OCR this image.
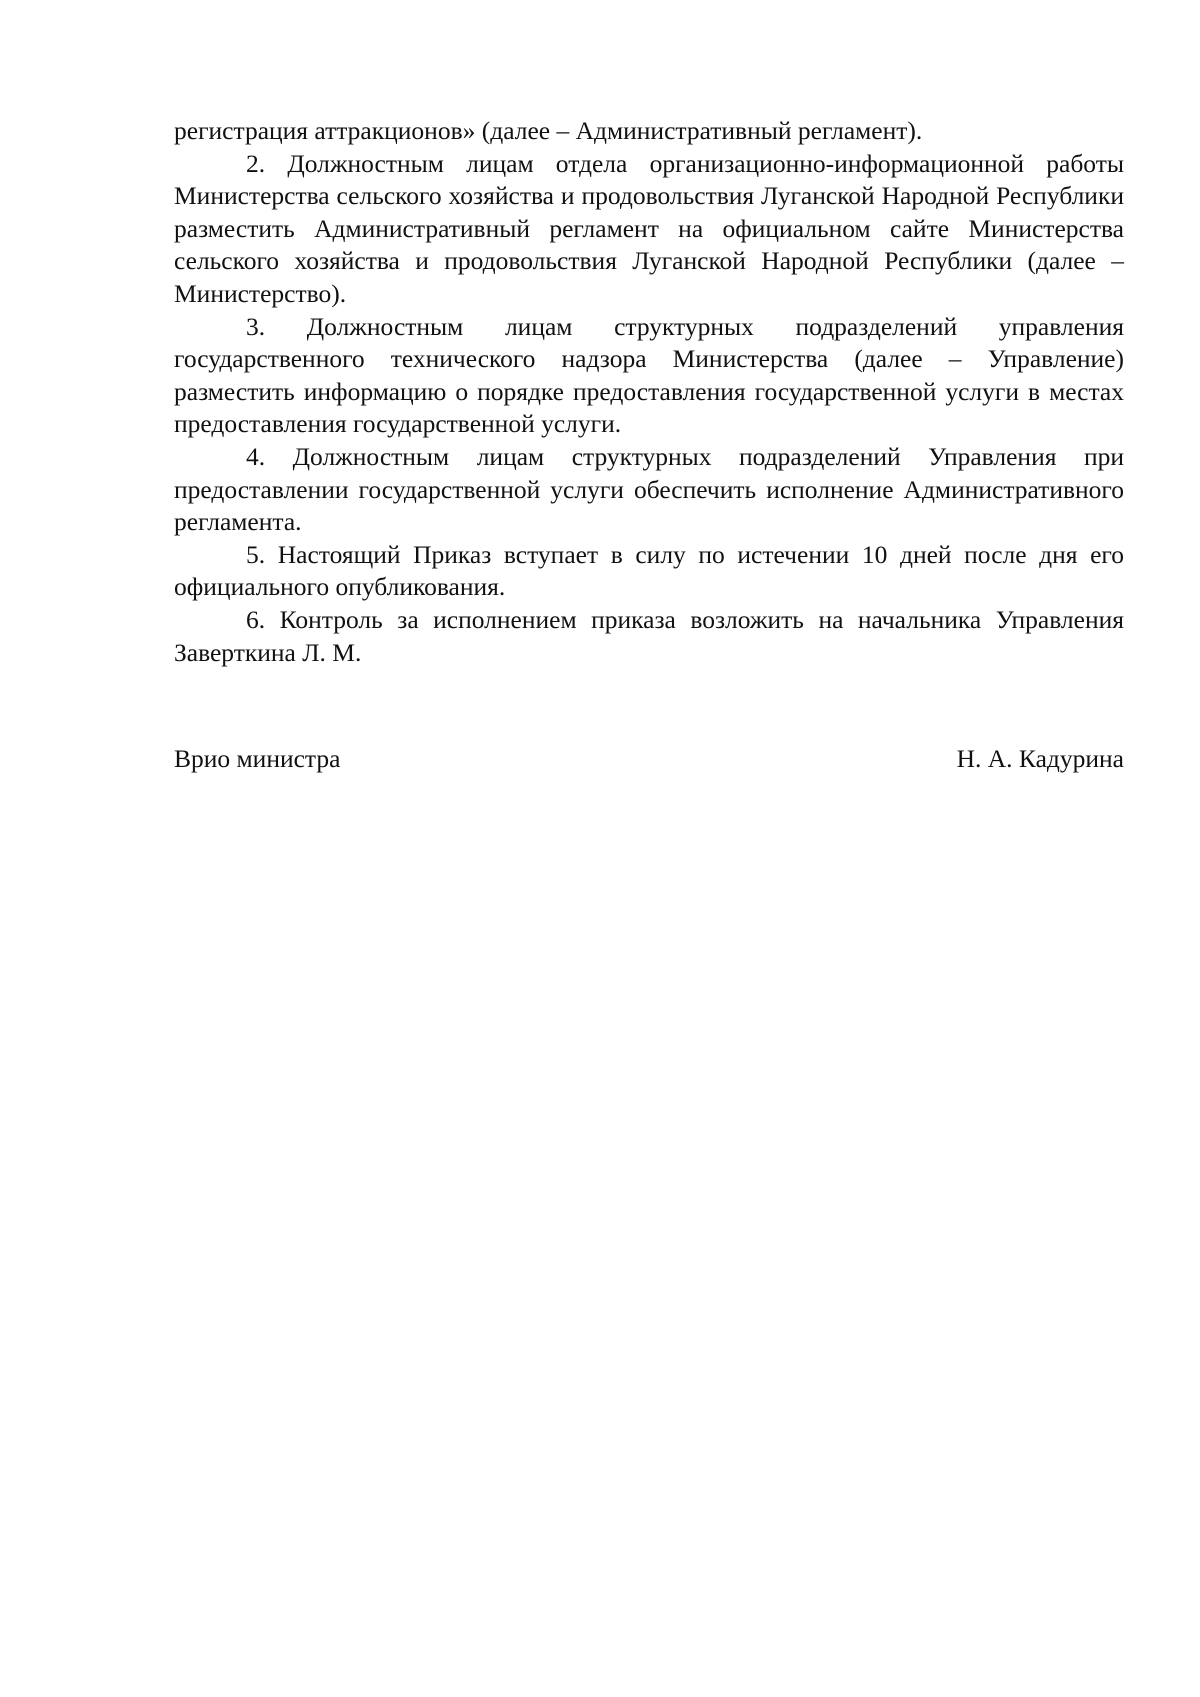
регистрация аттракционов» (далее – Административный регламент).

2. Должностным лицам отдела организационно-информационной работы Министерства сельского хозяйства и продовольствия Луганской Народной Республики разместить Административный регламент на официальном сайте Министерства сельского хозяйства и продовольствия Луганской Народной Республики (далее – Министерство).

3. Должностным лицам структурных подразделений управления государственного технического надзора Министерства (далее – Управление) разместить информацию о порядке предоставления государственной услуги в местах предоставления государственной услуги.

4. Должностным лицам структурных подразделений Управления при предоставлении государственной услуги обеспечить исполнение Административного регламента.

5. Настоящий Приказ вступает в силу по истечении 10 дней после дня его официального опубликования.

6. Контроль за исполнением приказа возложить на начальника Управления Заверткина Л. М.

Врио министра	Н. А. Кадурина
